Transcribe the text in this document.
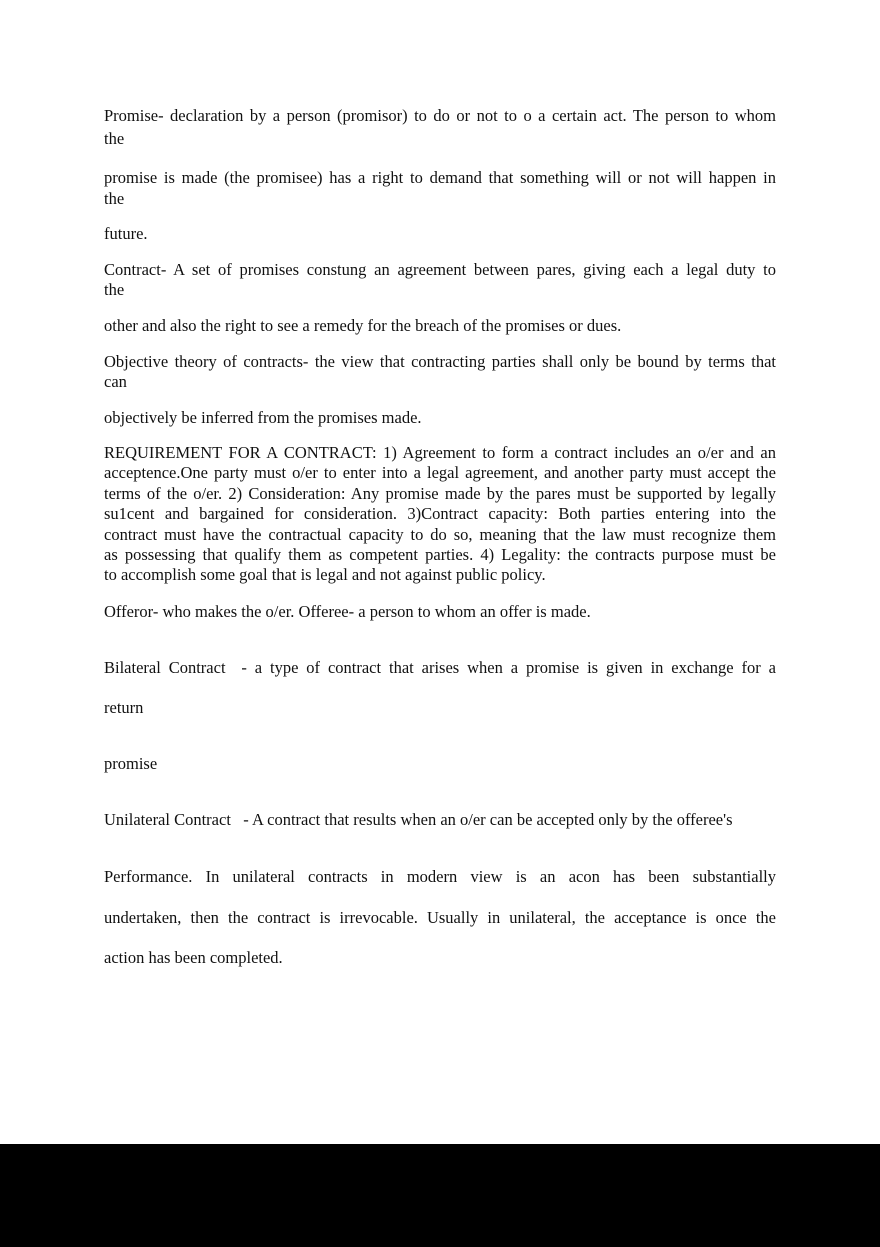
Promise- declaration by a person (promisor) to do or not to o a certain act. The person to whom
the
promise is made (the promisee) has a right to demand that something will or not will happen in
the
future.
Contract- A set of promises constung an agreement between pares, giving each a legal duty to
the
other and also the right to see a remedy for the breach of the promises or dues.
Objective theory of contracts- the view that contracting parties shall only be bound by terms that
can
objectively be inferred from the promises made.
REQUIREMENT FOR A CONTRACT: 1) Agreement to form a contract includes an o/er and an
acceptence.One party must o/er to enter into a legal agreement, and another party must accept the
terms of the o/er. 2) Consideration: Any promise made by the pares must be supported by legally
su1cent and bargained for consideration. 3)Contract capacity: Both parties entering into the
contract must have the contractual capacity to do so, meaning that the law must recognize them
as possessing that qualify them as competent parties. 4) Legality: the contracts purpose must be
to accomplish some goal that is legal and not against public policy.
Offeror- who makes the o/er. Offeree- a person to whom an offer is made.
Bilateral Contract  - a type of contract that arises when a promise is given in exchange for a
return
promise
Unilateral Contract   - A contract that results when an o/er can be accepted only by the offeree's
Performance. In unilateral contracts in modern view is an acon has been substantially
undertaken, then the contract is irrevocable. Usually in unilateral, the acceptance is once the
action has been completed.
